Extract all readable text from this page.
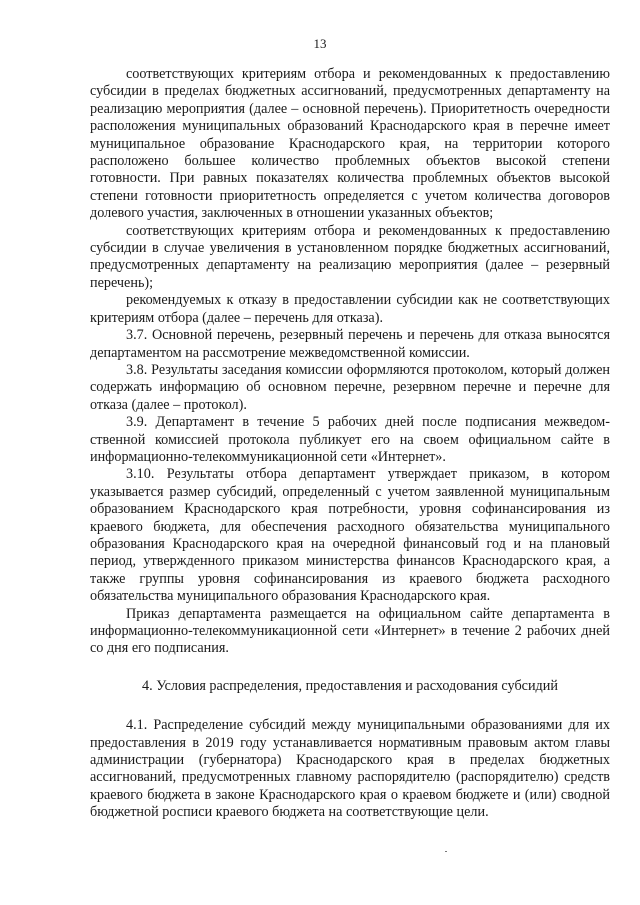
13

соответствующих критериям отбора и рекомендованных к предоставлению субсидии в пределах бюджетных ассигнований, предусмотренных департаменту на реализацию мероприятия (далее – основной перечень). Приоритетность очередности расположения муниципальных образований Краснодарского края в перечне имеет муниципальное образование Краснодарского края, на территории которого расположено большее количество проблемных объектов высокой степени готовности. При равных показателях количества проблемных объектов высокой степени готовности приоритетность определяется с учетом количества договоров долевого участия, заключенных в отношении указанных объектов;

соответствующих критериям отбора и рекомендованных к предоставлению субсидии в случае увеличения в установленном порядке бюджетных ассигнований, предусмотренных департаменту на реализацию мероприятия (далее – резервный перечень);

рекомендуемых к отказу в предоставлении субсидии как не соответствующих критериям отбора (далее – перечень для отказа).

3.7. Основной перечень, резервный перечень и перечень для отказа выносятся департаментом на рассмотрение межведомственной комиссии.

3.8. Результаты заседания комиссии оформляются протоколом, который должен содержать информацию об основном перечне, резервном перечне и перечне для отказа (далее – протокол).

3.9. Департамент в течение 5 рабочих дней после подписания межведомственной комиссией протокола публикует его на своем официальном сайте в информационно-телекоммуникационной сети «Интернет».

3.10. Результаты отбора департамент утверждает приказом, в котором указывается размер субсидий, определенный с учетом заявленной муниципальным образованием Краснодарского края потребности, уровня софинансирования из краевого бюджета, для обеспечения расходного обязательства муниципального образования Краснодарского края на очередной финансовый год и на плановый период, утвержденного приказом министерства финансов Краснодарского края, а также группы уровня софинансирования из краевого бюджета расходного обязательства муниципального образования Краснодарского края.

Приказ департамента размещается на официальном сайте департамента в информационно-телекоммуникационной сети «Интернет» в течение 2 рабочих дней со дня его подписания.

4. Условия распределения, предоставления и расходования субсидий

4.1. Распределение субсидий между муниципальными образованиями для их предоставления в 2019 году устанавливается нормативным правовым актом главы администрации (губернатора) Краснодарского края в пределах бюджетных ассигнований, предусмотренных главному распорядителю (распорядителю) средств краевого бюджета в законе Краснодарского края о краевом бюджете и (или) сводной бюджетной росписи краевого бюджета на соответствующие цели.
